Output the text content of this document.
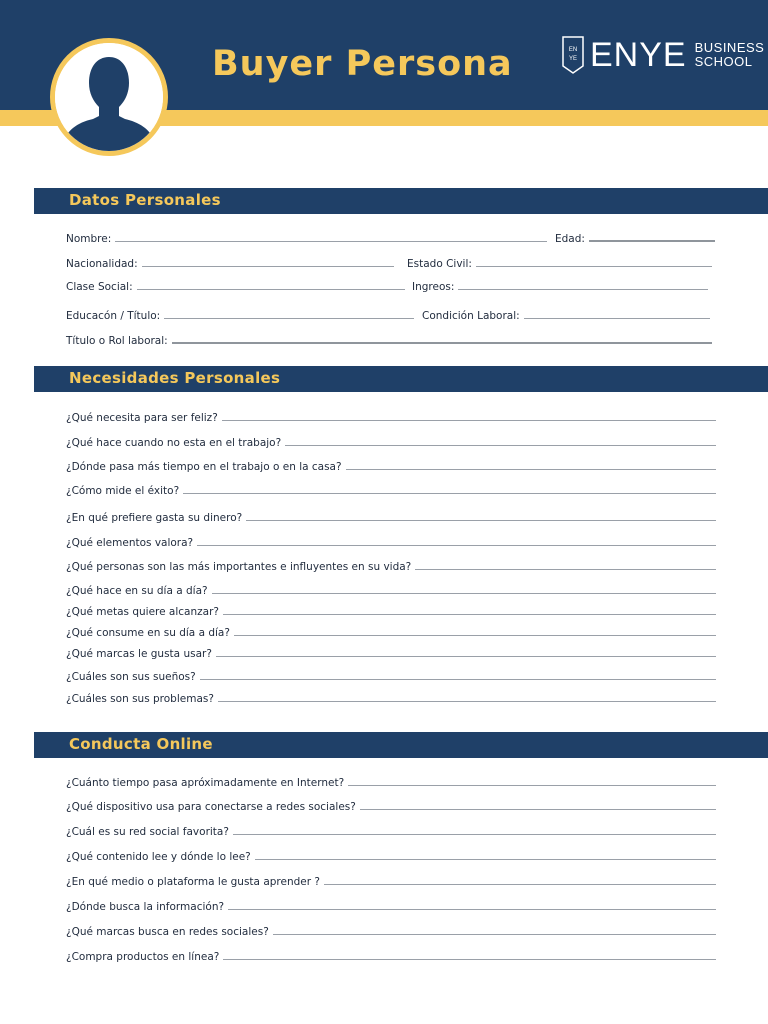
Buyer Persona	EN
YE ENYE BUSINESS
SCHOOL
Datos Personales
Nombre:	Edad:
Nacionalidad:	Estado Civil:
Clase Social:	Ingreos:
Educacón / Título:	Condición Laboral:
Título o Rol laboral:
Necesidades Personales
¿Qué necesita para ser feliz?
¿Qué hace cuando no esta en el trabajo?
¿Dónde pasa más tiempo en el trabajo o en la casa?
¿Cómo mide el éxito?
¿En qué prefiere gasta su dinero?
¿Qué elementos valora?
¿Qué personas son las más importantes e influyentes en su vida?
¿Qué hace en su día a día?
¿Qué metas quiere alcanzar?
¿Qué consume en su día a día?
¿Qué marcas le gusta usar?
¿Cuáles son sus sueños?
¿Cuáles son sus problemas?
Conducta Online
¿Cuánto tiempo pasa apróximadamente en Internet?
¿Qué dispositivo usa para conectarse a redes sociales?
¿Cuál es su red social favorita?
¿Qué contenido lee y dónde lo lee?
¿En qué medio o plataforma le gusta aprender ?
¿Dónde busca la información?
¿Qué marcas busca en redes sociales?
¿Compra productos en línea?
